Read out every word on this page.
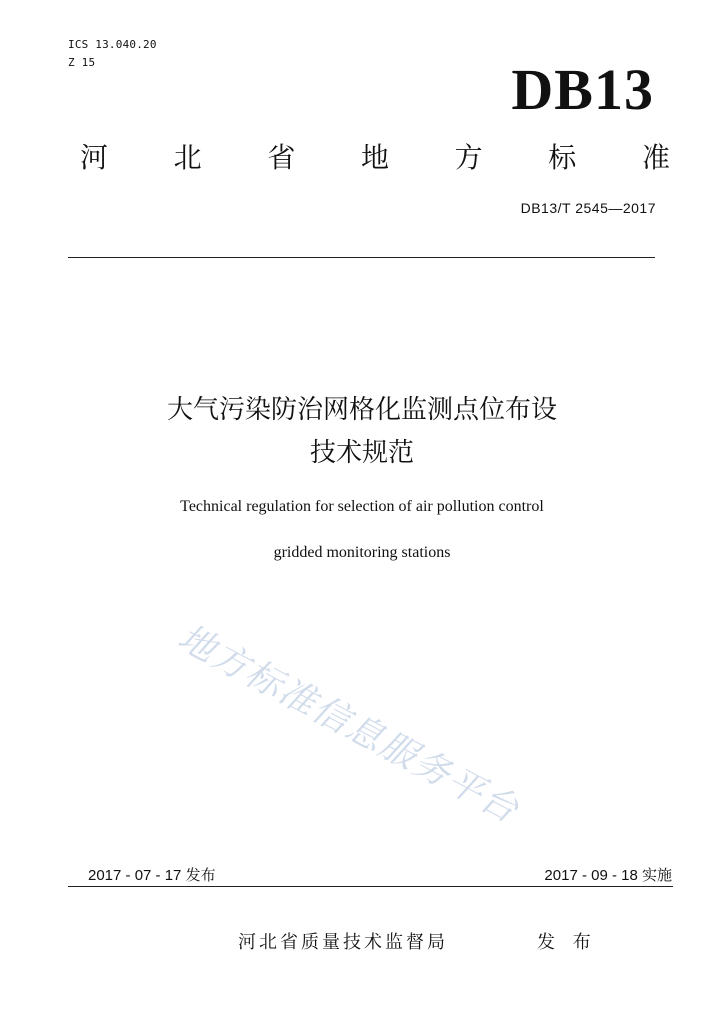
ICS 13.040.20
Z 15	DB13
河 北 省 地 方 标 准
DB13/T 2545—2017
大气污染防治网格化监测点位布设
技术规范
Technical regulation for selection of air pollution control
gridded monitoring stations
地方标准信息服务平台
2017 - 07 - 17 发布	2017 - 09 - 18 实施
河北省质量技术监督局	发 布
